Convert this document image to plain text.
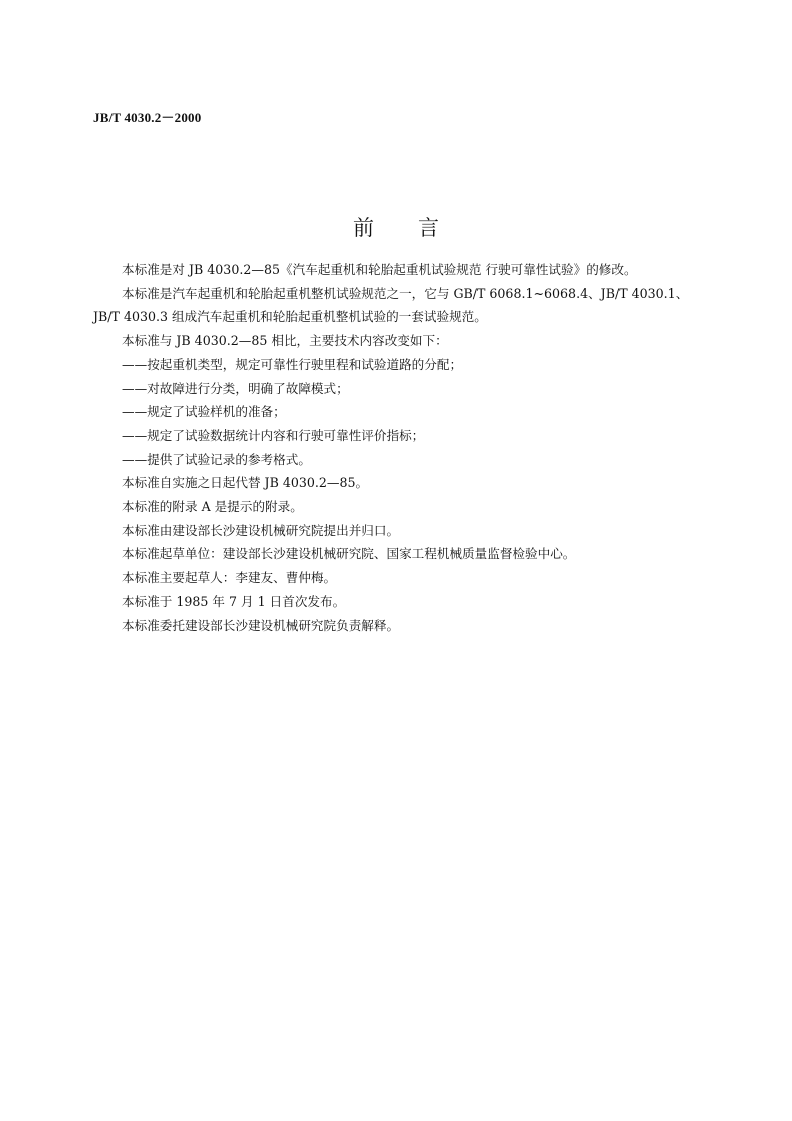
JB/T 4030.2－2000
前 言
本标准是对 JB 4030.2—85《汽车起重机和轮胎起重机试验规范 行驶可靠性试验》的修改。
本标准是汽车起重机和轮胎起重机整机试验规范之一，它与 GB/T 6068.1~6068.4、JB/T 4030.1、
JB/T 4030.3 组成汽车起重机和轮胎起重机整机试验的一套试验规范。
本标准与 JB 4030.2—85 相比，主要技术内容改变如下：
——按起重机类型，规定可靠性行驶里程和试验道路的分配；
——对故障进行分类，明确了故障模式；
——规定了试验样机的准备；
——规定了试验数据统计内容和行驶可靠性评价指标；
——提供了试验记录的参考格式。
本标准自实施之日起代替 JB 4030.2—85。
本标准的附录 A 是提示的附录。
本标准由建设部长沙建设机械研究院提出并归口。
本标准起草单位：建设部长沙建设机械研究院、国家工程机械质量监督检验中心。
本标准主要起草人：李建友、曹仲梅。
本标准于 1985 年 7 月 1 日首次发布。
本标准委托建设部长沙建设机械研究院负责解释。
